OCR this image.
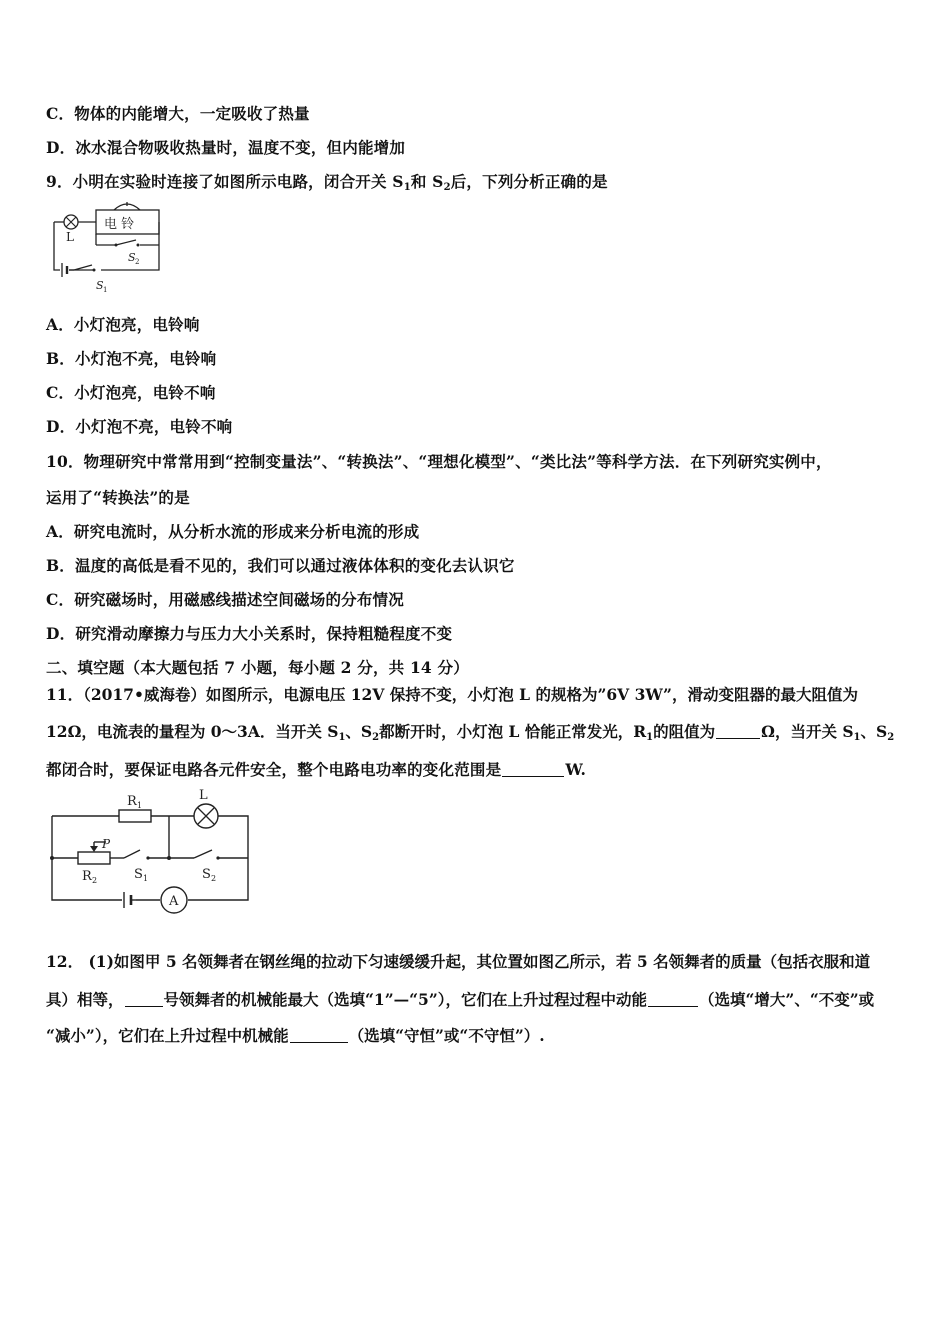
C．物体的内能增大，一定吸收了热量
D．冰水混合物吸收热量时，温度不变，但内能增加
9．小明在实验时连接了如图所示电路，闭合开关 $S_1$和 $S_2$后，下列分析正确的是
L
电 铃
S 2
S 1
A．小灯泡亮，电铃响
B．小灯泡不亮，电铃响
C．小灯泡亮，电铃不响
D．小灯泡不亮，电铃不响
10．物理研究中常常用到“控制变量法”、“转换法”、“理想化模型”、“类比法”等科学方法．在下列研究实例中，
运用了“转换法”的是
A．研究电流时，从分析水流的形成来分析电流的形成
B．温度的高低是看不见的，我们可以通过液体体积的变化去认识它
C．研究磁场时，用磁感线描述空间磁场的分布情况
D．研究滑动摩擦力与压力大小关系时，保持粗糙程度不变
二、填空题（本大题包括 7 小题，每小题 2 分，共 14 分）
11．（2017•威海卷）如图所示，电源电压 12V 保持不变，小灯泡 L 的规格为”6V 3W”，滑动变阻器的最大阻值为
12Ω，电流表的量程为 0～3A．当开关 $S_1$、$S_2$都断开时，小灯泡 L 恰能正常发光，$R_1$的阻值为	Ω，当开关 $S_1$、$S_2$
都闭合时，要保证电路各元件安全，整个电路电功率的变化范围是	W.
R 1
L
P
R 2	S 1	S 2
A
12． (1)如图甲 5 名领舞者在钢丝绳的拉动下匀速缓缓升起，其位置如图乙所示，若 5 名领舞者的质量（包括衣服和道
具）相等，	号领舞者的机械能最大（选填“1”—“5”），它们在上升过程过程中动能	（选填“增大”、“不变”或
“减小”），它们在上升过程中机械能	（选填“守恒”或“不守恒”）.
